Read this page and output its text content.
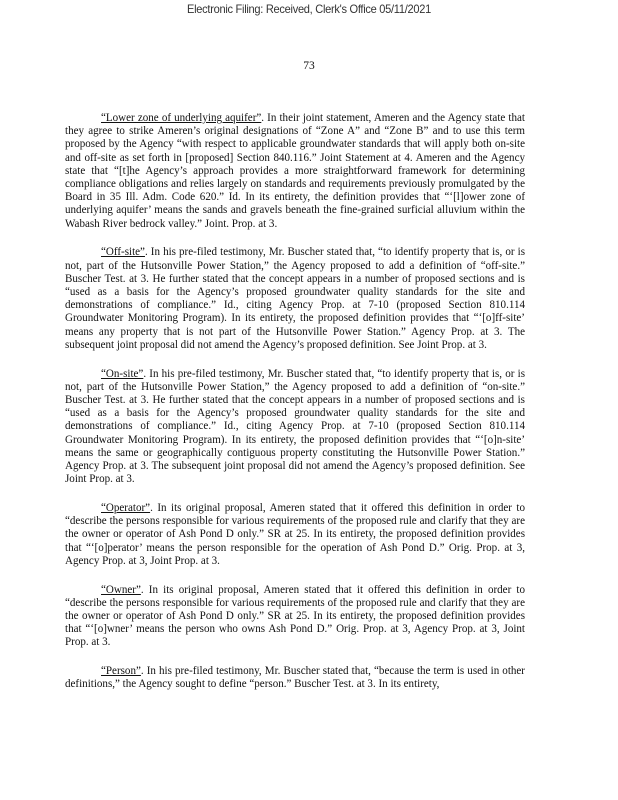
Electronic Filing: Received, Clerk's Office 05/11/2021
73

“Lower zone of underlying aquifer”. In their joint statement, Ameren and the Agency state that they agree to strike Ameren’s original designations of “Zone A” and “Zone B” and to use this term proposed by the Agency “with respect to applicable groundwater standards that will apply both on-site and off-site as set forth in [proposed] Section 840.116.” Joint Statement at 4. Ameren and the Agency state that “[t]he Agency’s approach provides a more straightforward framework for determining compliance obligations and relies largely on standards and requirements previously promulgated by the Board in 35 Ill. Adm. Code 620.” Id. In its entirety, the definition provides that “‘[l]ower zone of underlying aquifer’ means the sands and gravels beneath the fine-grained surficial alluvium within the Wabash River bedrock valley.” Joint. Prop. at 3.

“Off-site”. In his pre-filed testimony, Mr. Buscher stated that, “to identify property that is, or is not, part of the Hutsonville Power Station,” the Agency proposed to add a definition of “off-site.” Buscher Test. at 3. He further stated that the concept appears in a number of proposed sections and is “used as a basis for the Agency’s proposed groundwater quality standards for the site and demonstrations of compliance.” Id., citing Agency Prop. at 7-10 (proposed Section 810.114 Groundwater Monitoring Program). In its entirety, the proposed definition provides that “‘[o]ff-site’ means any property that is not part of the Hutsonville Power Station.” Agency Prop. at 3. The subsequent joint proposal did not amend the Agency’s proposed definition. See Joint Prop. at 3.

“On-site”. In his pre-filed testimony, Mr. Buscher stated that, “to identify property that is, or is not, part of the Hutsonville Power Station,” the Agency proposed to add a definition of “on-site.” Buscher Test. at 3. He further stated that the concept appears in a number of proposed sections and is “used as a basis for the Agency’s proposed groundwater quality standards for the site and demonstrations of compliance.” Id., citing Agency Prop. at 7-10 (proposed Section 810.114 Groundwater Monitoring Program). In its entirety, the proposed definition provides that “‘[o]n-site’ means the same or geographically contiguous property constituting the Hutsonville Power Station.” Agency Prop. at 3. The subsequent joint proposal did not amend the Agency’s proposed definition. See Joint Prop. at 3.

“Operator”. In its original proposal, Ameren stated that it offered this definition in order to “describe the persons responsible for various requirements of the proposed rule and clarify that they are the owner or operator of Ash Pond D only.” SR at 25. In its entirety, the proposed definition provides that “‘[o]perator’ means the person responsible for the operation of Ash Pond D.” Orig. Prop. at 3, Agency Prop. at 3, Joint Prop. at 3.

“Owner”. In its original proposal, Ameren stated that it offered this definition in order to “describe the persons responsible for various requirements of the proposed rule and clarify that they are the owner or operator of Ash Pond D only.” SR at 25. In its entirety, the proposed definition provides that “‘[o]wner’ means the person who owns Ash Pond D.” Orig. Prop. at 3, Agency Prop. at 3, Joint Prop. at 3.

“Person”. In his pre-filed testimony, Mr. Buscher stated that, “because the term is used in other definitions,” the Agency sought to define “person.” Buscher Test. at 3. In its entirety,
